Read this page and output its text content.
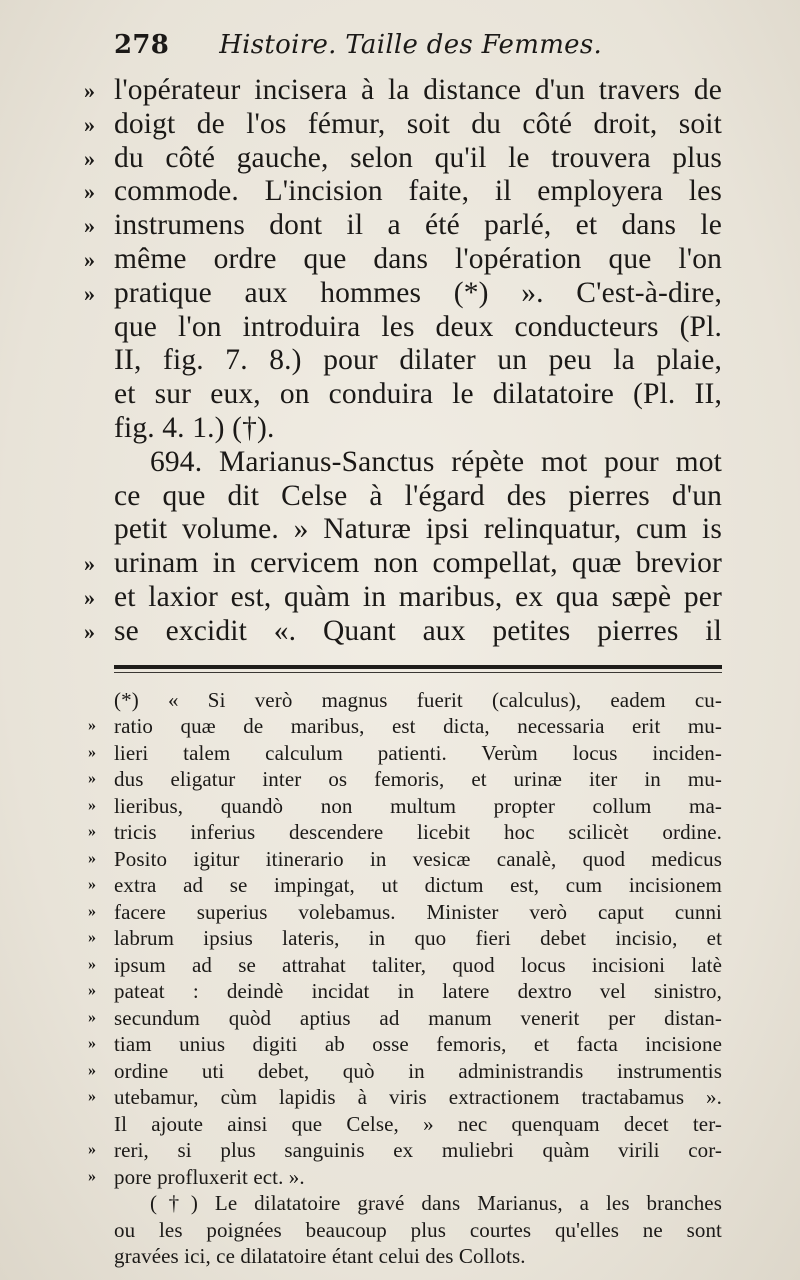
278 Histoire. Taille des Femmes.
» l'opérateur incisera à la distance d'un travers de
» doigt de l'os fémur, soit du côté droit, soit
» du côté gauche, selon qu'il le trouvera plus
» commode. L'incision faite, il employera les
» instrumens dont il a été parlé, et dans le
» même ordre que dans l'opération que l'on
» pratique aux hommes (*) ». C'est-à-dire,
que l'on introduira les deux conducteurs (Pl.
II, fig. 7. 8.) pour dilater un peu la plaie,
et sur eux, on conduira le dilatatoire (Pl. II,
fig. 4. 1.) (†).
694. Marianus-Sanctus répète mot pour mot
ce que dit Celse à l'égard des pierres d'un
petit volume. » Naturæ ipsi relinquatur, cum is
» urinam in cervicem non compellat, quæ brevior
» et laxior est, quàm in maribus, ex qua sæpè per
» se excidit «. Quant aux petites pierres il
(*) « Si verò magnus fuerit (calculus), eadem cu-
» ratio quæ de maribus, est dicta, necessaria erit mu-
» lieri talem calculum patienti. Verùm locus inciden-
» dus eligatur inter os femoris, et urinæ iter in mu-
» lieribus, quandò non multum propter collum ma-
» tricis inferius descendere licebit hoc scilicèt ordine.
» Posito igitur itinerario in vesicæ canalè, quod medicus
» extra ad se impingat, ut dictum est, cum incisionem
» facere superius volebamus. Minister verò caput cunni
» labrum ipsius lateris, in quo fieri debet incisio, et
» ipsum ad se attrahat taliter, quod locus incisioni latè
» pateat : deindè incidat in latere dextro vel sinistro,
» secundum quòd aptius ad manum venerit per distan-
» tiam unius digiti ab osse femoris, et facta incisione
» ordine uti debet, quò in administrandis instrumentis
» utebamur, cùm lapidis à viris extractionem tractabamus ».
Il ajoute ainsi que Celse, » nec quenquam decet ter-
» reri, si plus sanguinis ex muliebri quàm virili cor-
» pore profluxerit ect. ».
(†) Le dilatatoire gravé dans Marianus, a les branches
ou les poignées beaucoup plus courtes qu'elles ne sont
gravées ici, ce dilatatoire étant celui des Collots.
